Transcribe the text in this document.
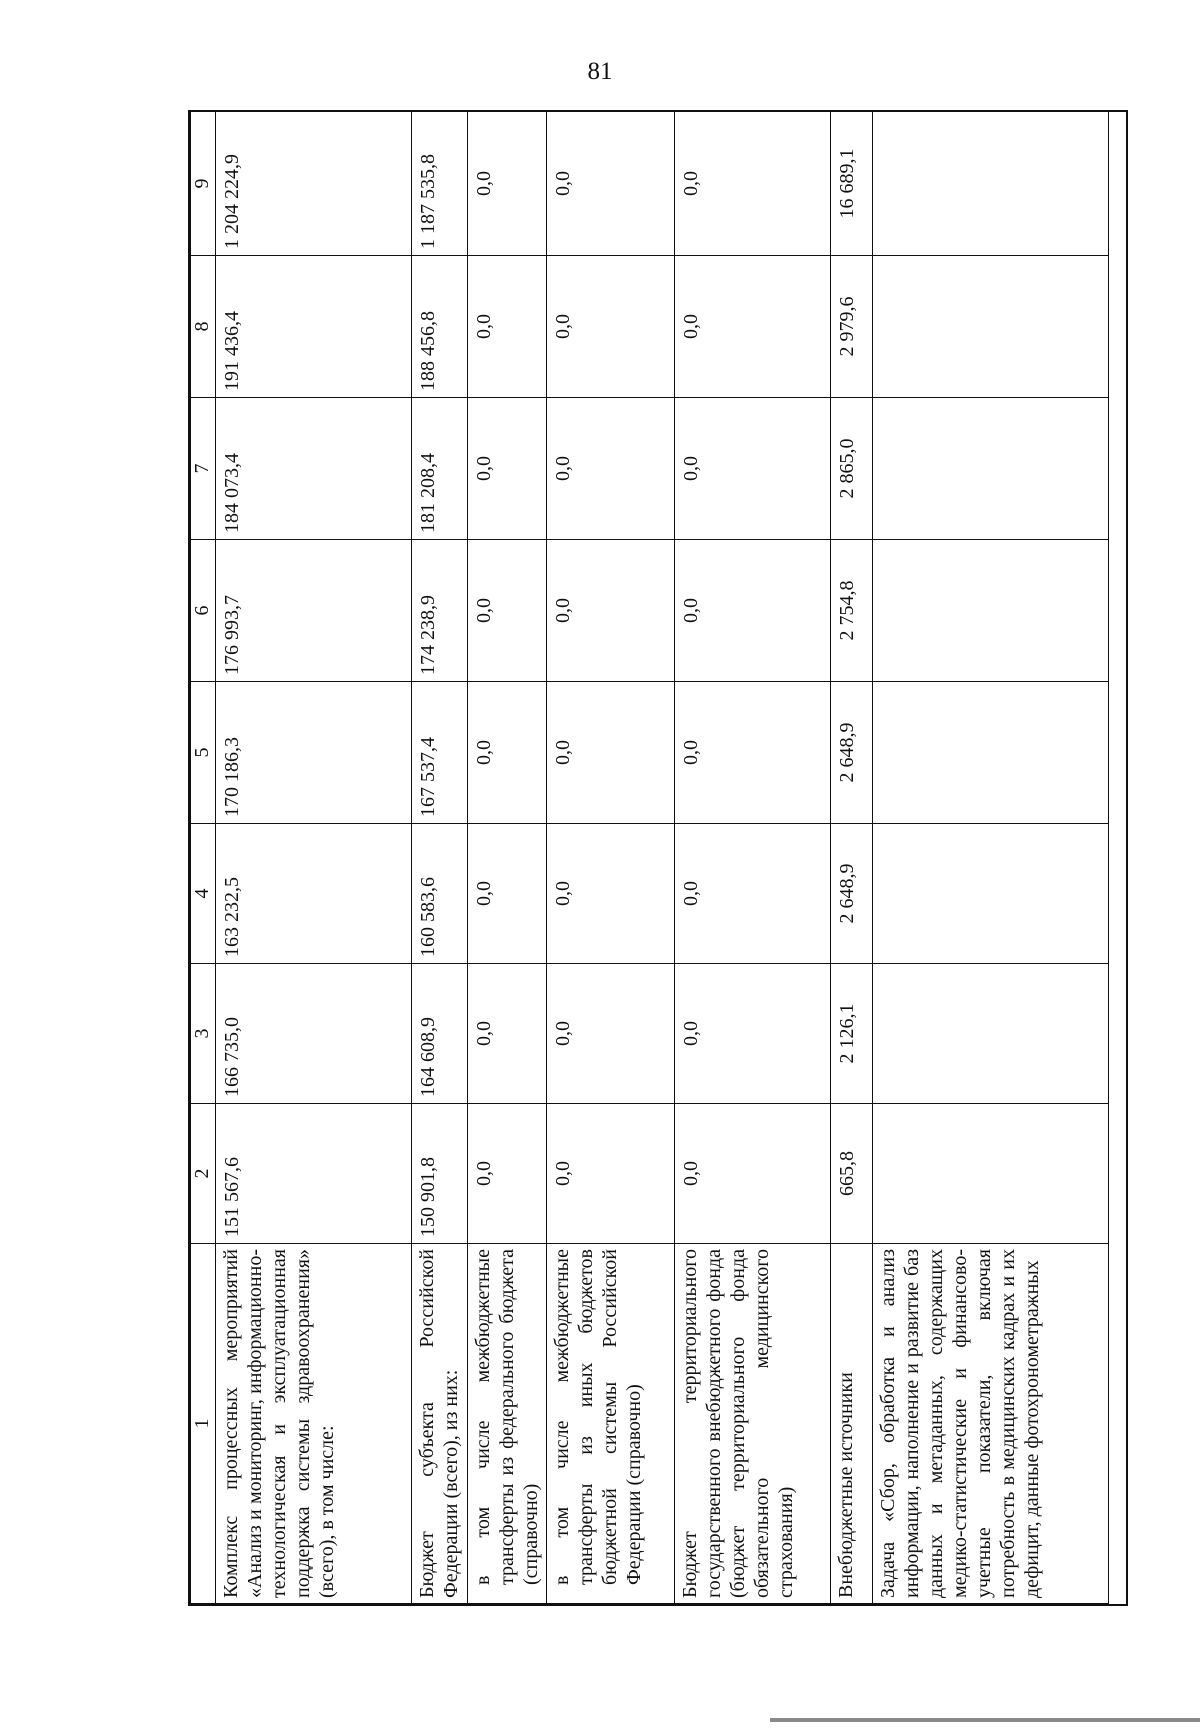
81
1	2	3	4	5	6	7	8	9
Комплекс процессных мероприятий «Анализ и мониторинг, информационно-технологическая и эксплуатационная поддержка системы здравоохранения» (всего), в том числе:	151 567,6	166 735,0	163 232,5	170 186,3	176 993,7	184 073,4	191 436,4	1 204 224,9
Бюджет субъекта Российской Федерации (всего), из них:	150 901,8	164 608,9	160 583,6	167 537,4	174 238,9	181 208,4	188 456,8	1 187 535,8
в том числе межбюджетные трансферты из федерального бюджета (справочно)	0,0	0,0	0,0	0,0	0,0	0,0	0,0	0,0
в том числе межбюджетные трансферты из иных бюджетов бюджетной системы Российской Федерации (справочно)	0,0	0,0	0,0	0,0	0,0	0,0	0,0	0,0
Бюджет территориального государственного внебюджетного фонда (бюджет территориального фонда обязательного медицинского страхования)	0,0	0,0	0,0	0,0	0,0	0,0	0,0	0,0
Внебюджетные источники	665,8	2 126,1	2 648,9	2 648,9	2 754,8	2 865,0	2 979,6	16 689,1
Задача «Сбор, обработка и анализ информации, наполнение и развитие баз данных и метаданных, содержащих медико-статистические и финансово-учетные показатели, включая потребность в медицинских кадрах и их дефицит, данные фотохронометражных								
